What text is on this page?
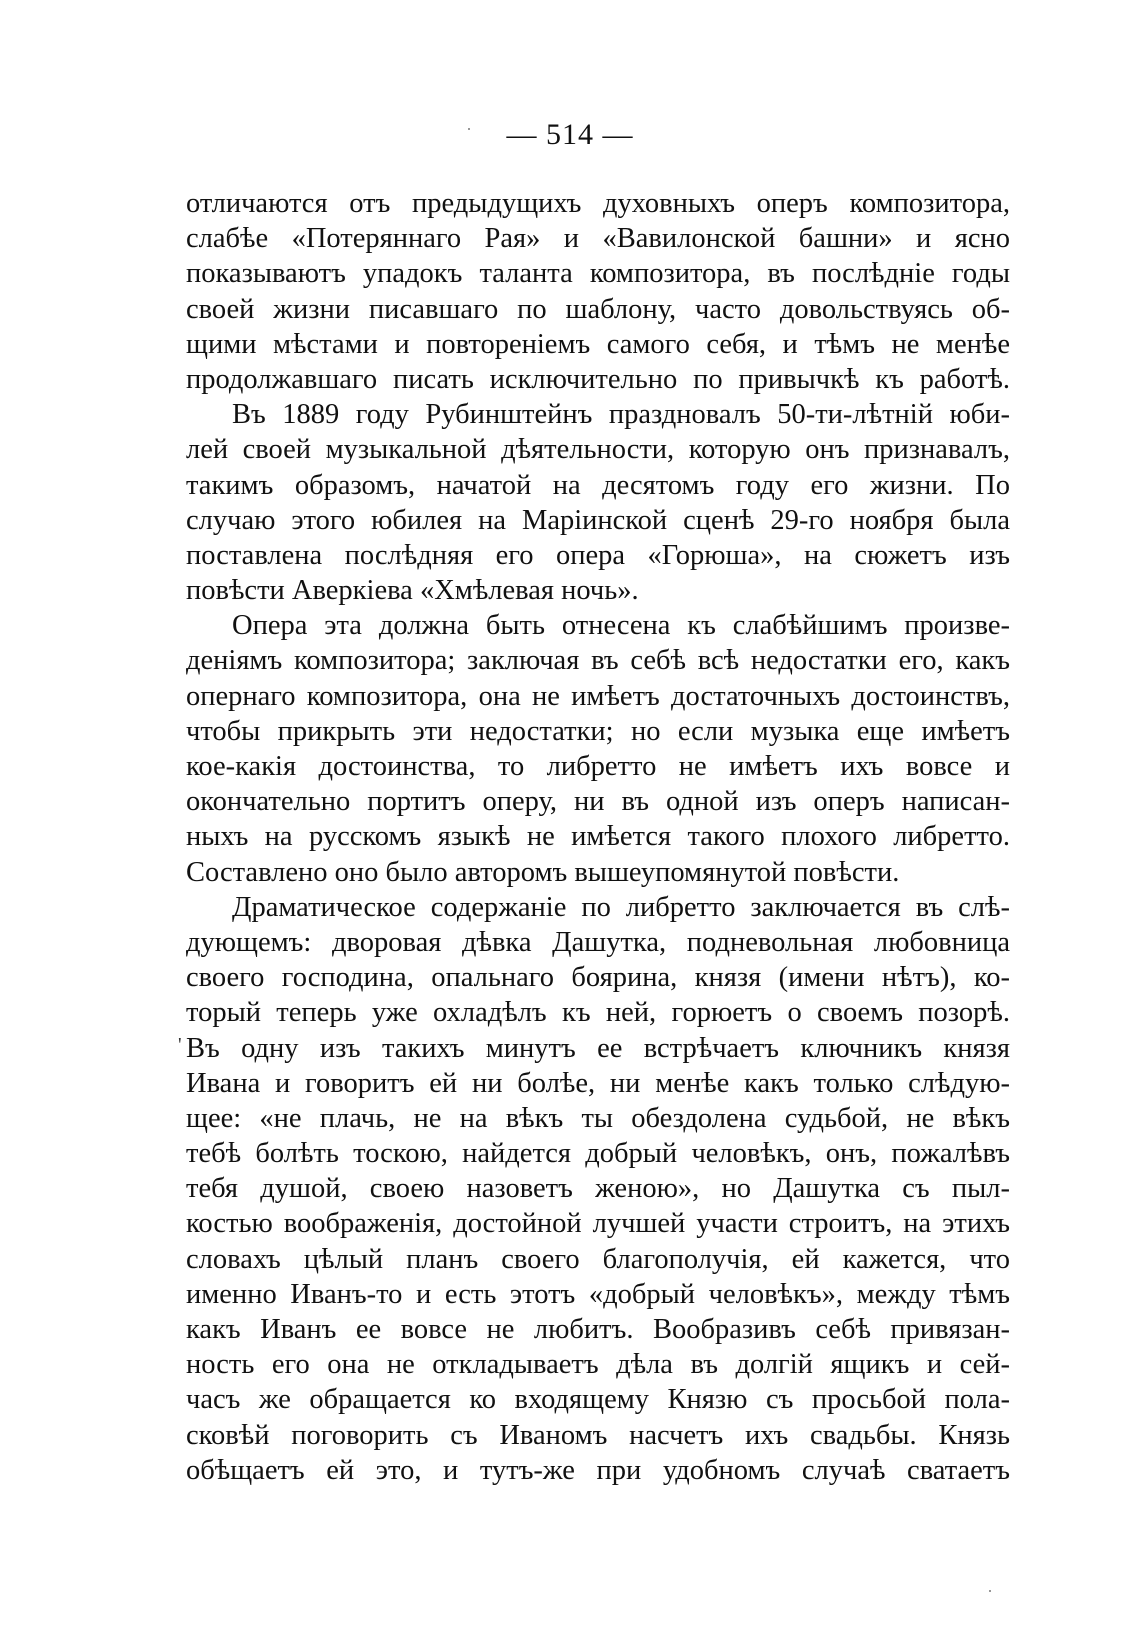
— 514 —
'
отличаются отъ предыдущихъ духовныхъ оперъ композитора,
слабѣе «Потеряннаго Рая» и «Вавилонской башни» и ясно
показываютъ упадокъ таланта композитора, въ послѣдніе годы
своей жизни писавшаго по шаблону, часто довольствуясь об-
щими мѣстами и повтореніемъ самого себя, и тѣмъ не менѣе
продолжавшаго писать исключительно по привычкѣ къ работѣ.
Въ 1889 году Рубинштейнъ праздновалъ 50-ти-лѣтній юби-
лей своей музыкальной дѣятельности, которую онъ признавалъ,
такимъ образомъ, начатой на десятомъ году его жизни. По
случаю этого юбилея на Маріинской сценѣ 29-го ноября была
поставлена послѣдняя его опера «Горюша», на сюжетъ изъ
повѣсти Аверкіева «Хмѣлевая ночь».
Опера эта должна быть отнесена къ слабѣйшимъ произве-
деніямъ композитора; заключая въ себѣ всѣ недостатки его, какъ
опернаго композитора, она не имѣетъ достаточныхъ достоинствъ,
чтобы прикрыть эти недостатки; но если музыка еще имѣетъ
кое-какія достоинства, то либретто не имѣетъ ихъ вовсе и
окончательно портитъ оперу, ни въ одной изъ оперъ написан-
ныхъ на русскомъ языкѣ не имѣется такого плохого либретто.
Составлено оно было авторомъ вышеупомянутой повѣсти.
Драматическое содержаніе по либретто заключается въ слѣ-
дующемъ: дворовая дѣвка Дашутка, подневольная любовница
своего господина, опальнаго боярина, князя (имени нѣтъ), ко-
торый теперь уже охладѣлъ къ ней, горюетъ о своемъ позорѣ.
Въ одну изъ такихъ минутъ ее встрѣчаетъ ключникъ князя
Ивана и говоритъ ей ни болѣе, ни менѣе какъ только слѣдую-
щее: «не плачь, не на вѣкъ ты обездолена судьбой, не вѣкъ
тебѣ болѣть тоскою, найдется добрый человѣкъ, онъ, пожалѣвъ
тебя душой, своею назоветъ женою», но Дашутка съ пыл-
костью воображенія, достойной лучшей участи строитъ, на этихъ
словахъ цѣлый планъ своего благополучія, ей кажется, что
именно Иванъ-то и есть этотъ «добрый человѣкъ», между тѣмъ
какъ Иванъ ее вовсе не любитъ. Вообразивъ себѣ привязан-
ность его она не откладываетъ дѣла въ долгій ящикъ и сей-
часъ же обращается ко входящему Князю съ просьбой пола-
сковѣй поговорить съ Иваномъ насчетъ ихъ свадьбы. Князь
обѣщаетъ ей это, и тутъ-же при удобномъ случаѣ сватаетъ
